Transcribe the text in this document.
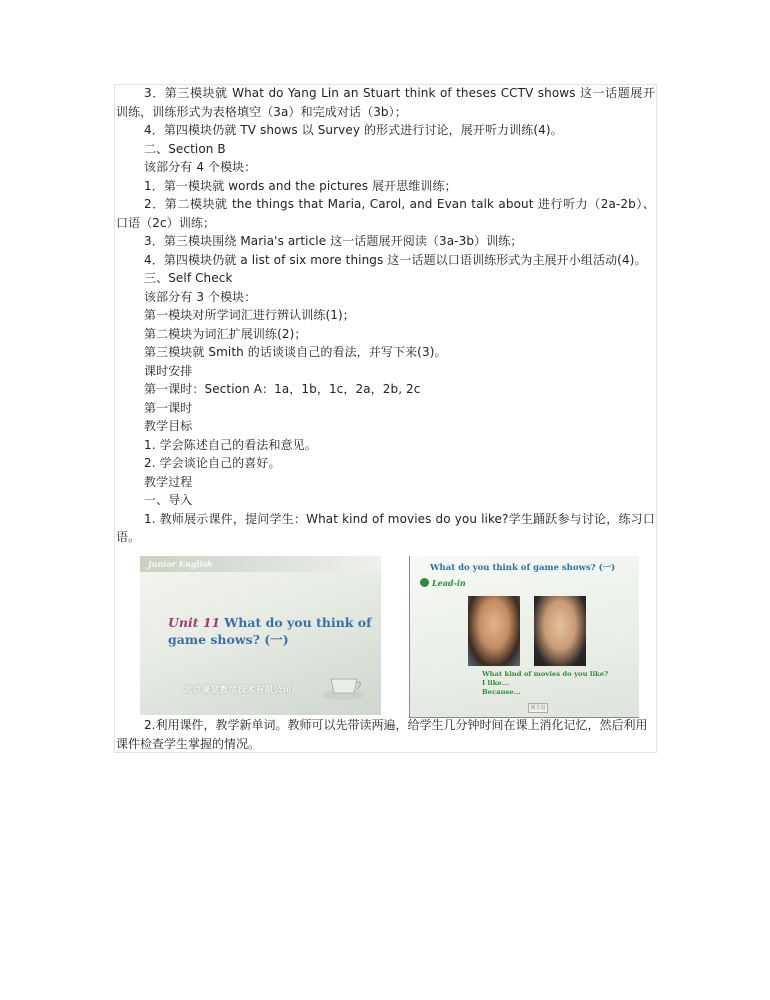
3．第三模块就 What do Yang Lin an Stuart think of theses CCTV shows 这一话题展开训练，训练形式为表格填空（3a）和完成对话（3b）；

4．第四模块仍就 TV shows 以 Survey 的形式进行讨论，展开听力训练(4)。

二、Section B

该部分有 4 个模块：

1．第一模块就 words and the pictures 展开思维训练；

2．第二模块就 the things that Maria, Carol, and Evan talk about 进行听力（2a-2b）、口语（2c）训练；

3．第三模块围绕 Maria's article 这一话题展开阅读（3a-3b）训练；

4．第四模块仍就 a list of six more things 这一话题以口语训练形式为主展开小组活动(4)。

三、Self Check

该部分有 3 个模块：

第一模块对所学词汇进行辨认训练(1)；

第二模块为词汇扩展训练(2)；

第三模块就 Smith 的话谈谈自己的看法，并写下来(3)。

课时安排

第一课时：Section A：1a，1b，1c，2a，2b, 2c

第一课时

教学目标

1. 学会陈述自己的看法和意见。

2. 学会谈论自己的喜好。

教学过程

一、导入

1. 教师展示课件，提问学生：What kind of movies do you like?学生踊跃参与讨论，练习口语。

Junior English
Unit 11 What do you think of
game shows? (一)
北京课堂教学技术有限公司
What do you think of game shows? (一)
Lead-in
What kind of movies do you like?
I like...
Because...
回主页

2.利用课件，教学新单词。教师可以先带读两遍，给学生几分钟时间在课上消化记忆，然后利用课件检查学生掌握的情况。
